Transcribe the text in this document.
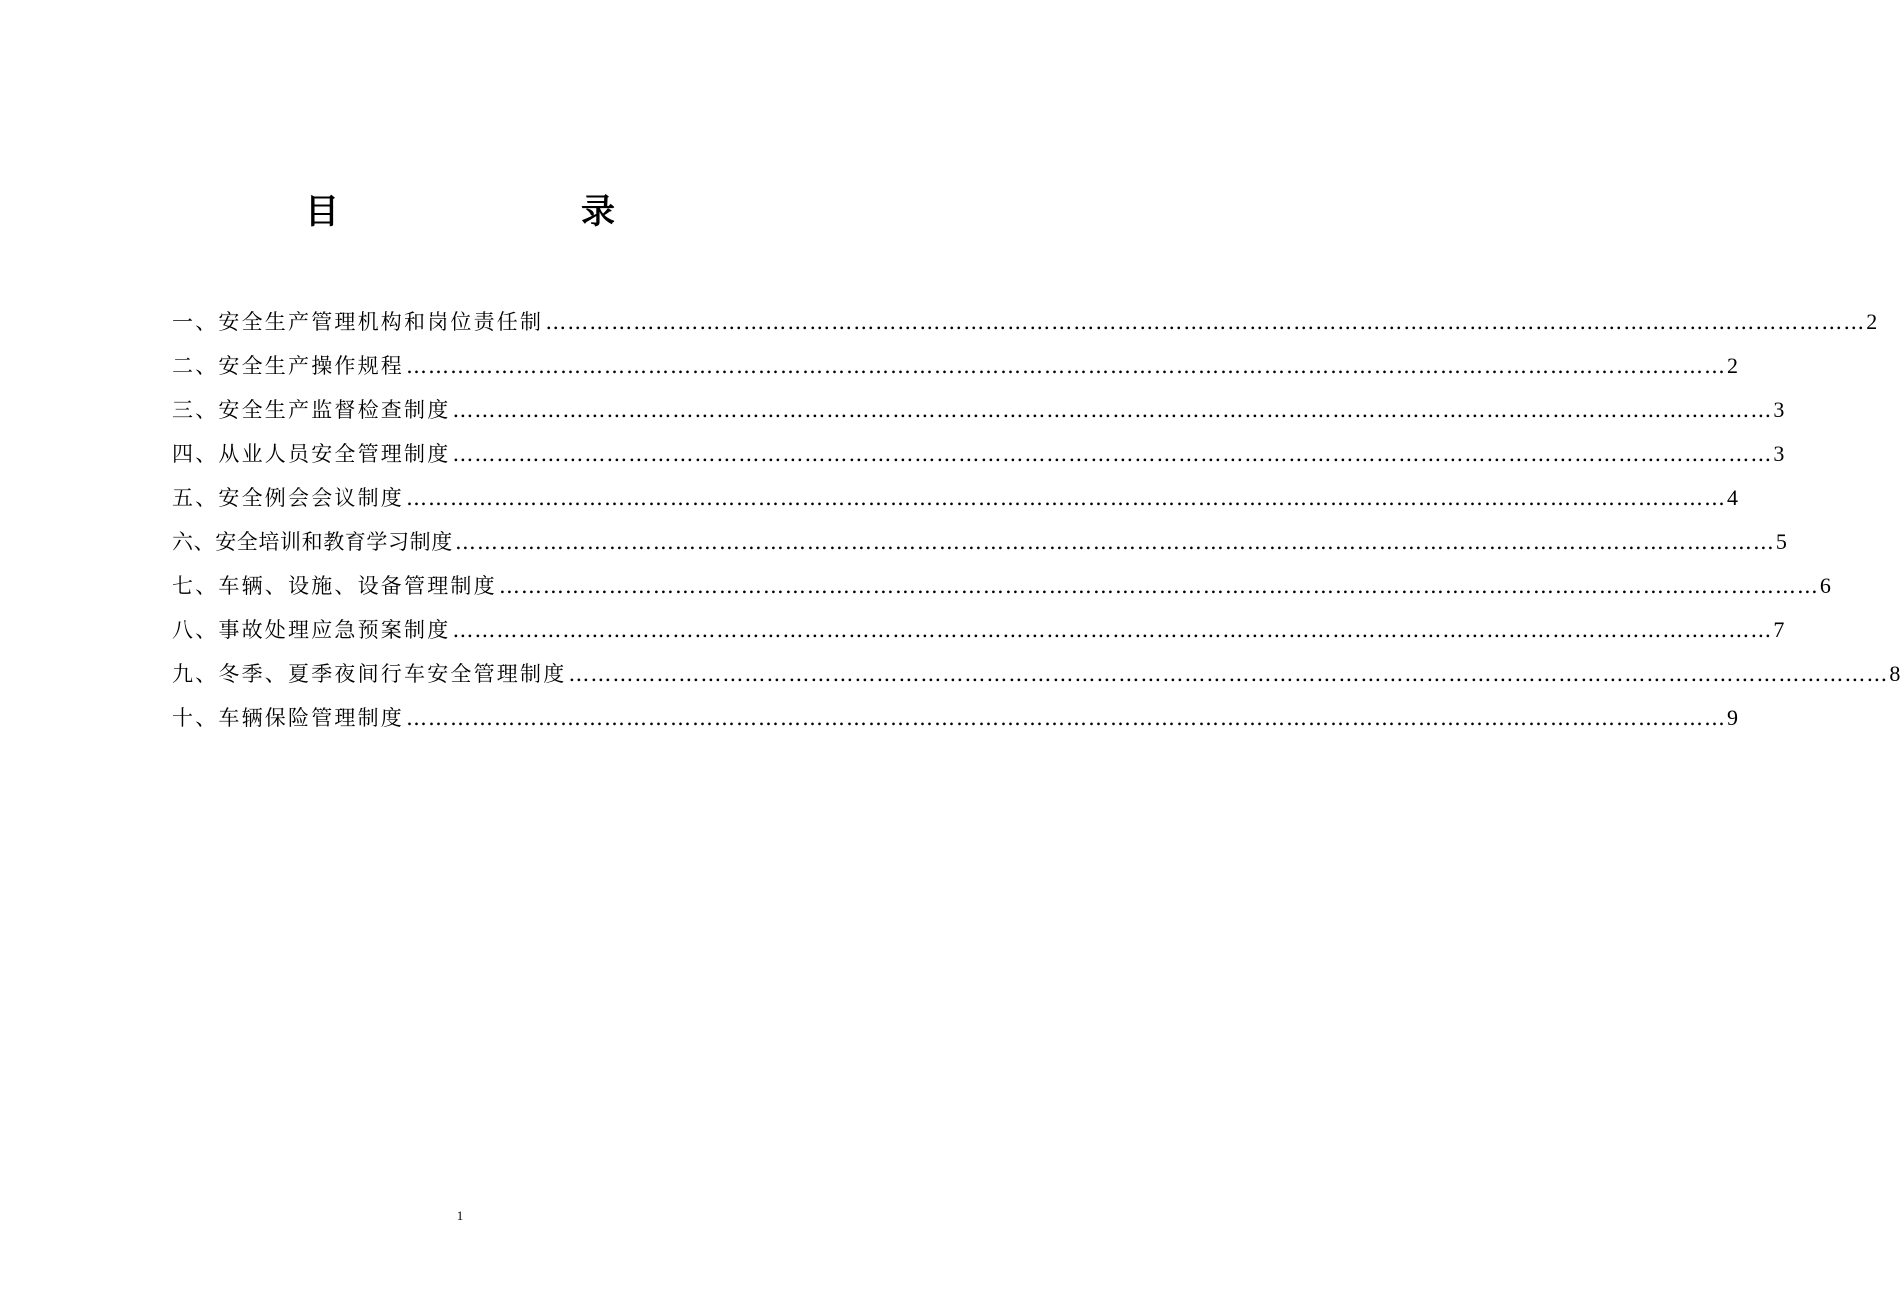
目　　录
一、安全生产管理机构和岗位责任制 ……………………………………………………………………………………………………………………………………………………………… 2
二、安全生产操作规程 ……………………………………………………………………………………………………………………………………………………………… 2
三、安全生产监督检查制度 ……………………………………………………………………………………………………………………………………………………………… 3
四、从业人员安全管理制度 ……………………………………………………………………………………………………………………………………………………………… 3
五、安全例会会议制度 ……………………………………………………………………………………………………………………………………………………………… 4
六、安全培训和教育学习制度 ……………………………………………………………………………………………………………………………………………………………… 5
七、车辆、设施、设备管理制度 ……………………………………………………………………………………………………………………………………………………………… 6
八、事故处理应急预案制度 ……………………………………………………………………………………………………………………………………………………………… 7
九、冬季、夏季夜间行车安全管理制度 ……………………………………………………………………………………………………………………………………………………………… 8
十、车辆保险管理制度 ……………………………………………………………………………………………………………………………………………………………… 9
1
